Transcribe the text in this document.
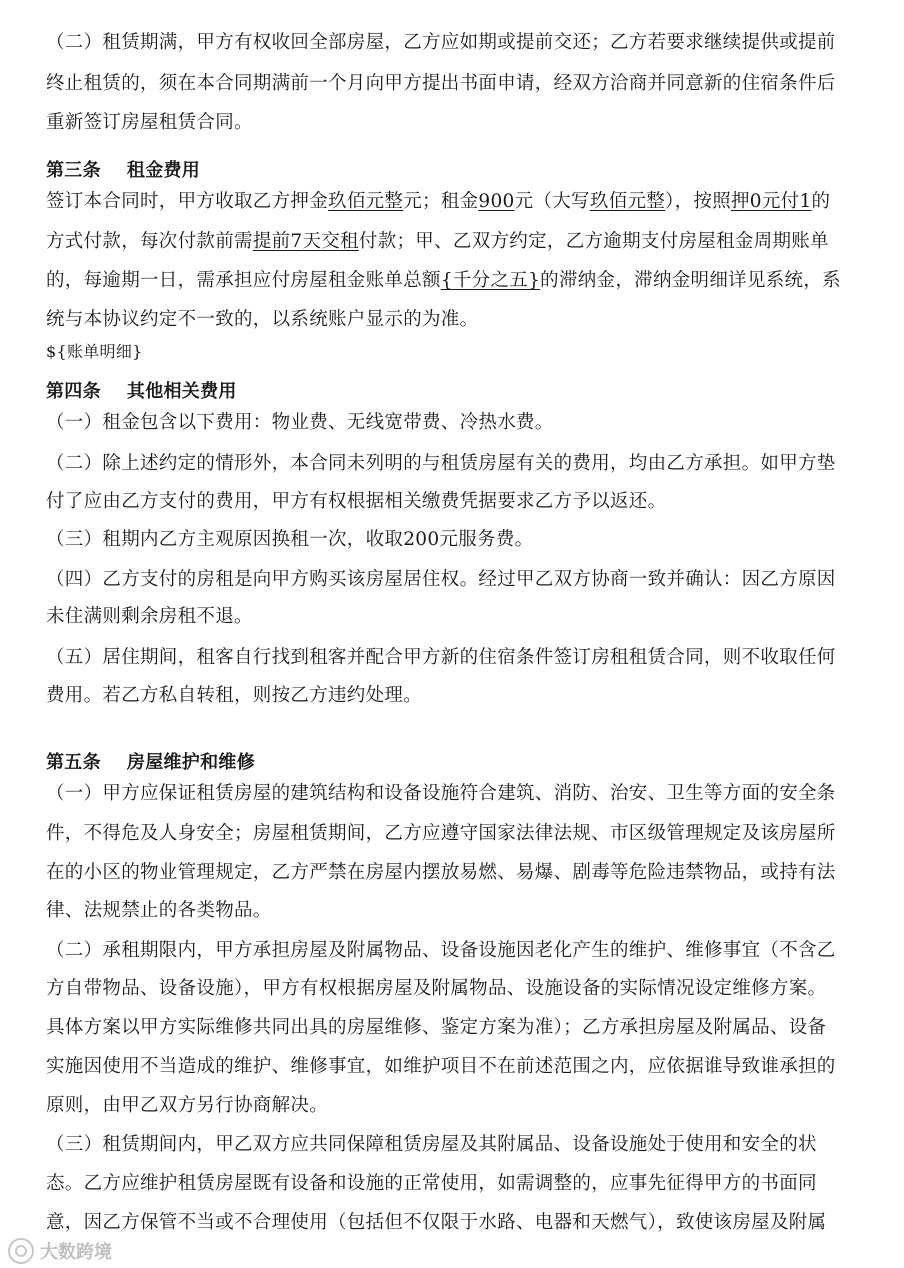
（二）租赁期满，甲方有权收回全部房屋，乙方应如期或提前交还；乙方若要求继续提供或提前
终止租赁的，须在本合同期满前一个月向甲方提出书面申请，经双方洽商并同意新的住宿条件后
重新签订房屋租赁合同。
第三条 租金费用
签订本合同时，甲方收取乙方押金玖佰元整元；租金900元（大写玖佰元整），按照押0元付1的
方式付款，每次付款前需提前7天交租付款；甲、乙双方约定，乙方逾期支付房屋租金周期账单
的，每逾期一日，需承担应付房屋租金账单总额{千分之五}的滞纳金，滞纳金明细详见系统，系
统与本协议约定不一致的，以系统账户显示的为准。
${账单明细}
第四条 其他相关费用
（一）租金包含以下费用：物业费、无线宽带费、冷热水费。
（二）除上述约定的情形外，本合同未列明的与租赁房屋有关的费用，均由乙方承担。如甲方垫
付了应由乙方支付的费用，甲方有权根据相关缴费凭据要求乙方予以返还。
（三）租期内乙方主观原因换租一次，收取200元服务费。
（四）乙方支付的房租是向甲方购买该房屋居住权。经过甲乙双方协商一致并确认：因乙方原因
未住满则剩余房租不退。
（五）居住期间，租客自行找到租客并配合甲方新的住宿条件签订房租租赁合同，则不收取任何
费用。若乙方私自转租，则按乙方违约处理。
第五条 房屋维护和维修
（一）甲方应保证租赁房屋的建筑结构和设备设施符合建筑、消防、治安、卫生等方面的安全条
件，不得危及人身安全；房屋租赁期间，乙方应遵守国家法律法规、市区级管理规定及该房屋所
在的小区的物业管理规定，乙方严禁在房屋内摆放易燃、易爆、剧毒等危险违禁物品，或持有法
律、法规禁止的各类物品。
（二）承租期限内，甲方承担房屋及附属物品、设备设施因老化产生的维护、维修事宜（不含乙
方自带物品、设备设施），甲方有权根据房屋及附属物品、设施设备的实际情况设定维修方案。
具体方案以甲方实际维修共同出具的房屋维修、鉴定方案为准）；乙方承担房屋及附属品、设备
实施因使用不当造成的维护、维修事宜，如维护项目不在前述范围之内，应依据谁导致谁承担的
原则，由甲乙双方另行协商解决。
（三）租赁期间内，甲乙双方应共同保障租赁房屋及其附属品、设备设施处于使用和安全的状
态。乙方应维护租赁房屋既有设备和设施的正常使用，如需调整的，应事先征得甲方的书面同
意，因乙方保管不当或不合理使用（包括但不仅限于水路、电器和天燃气），致使该房屋及附属
大数跨境
